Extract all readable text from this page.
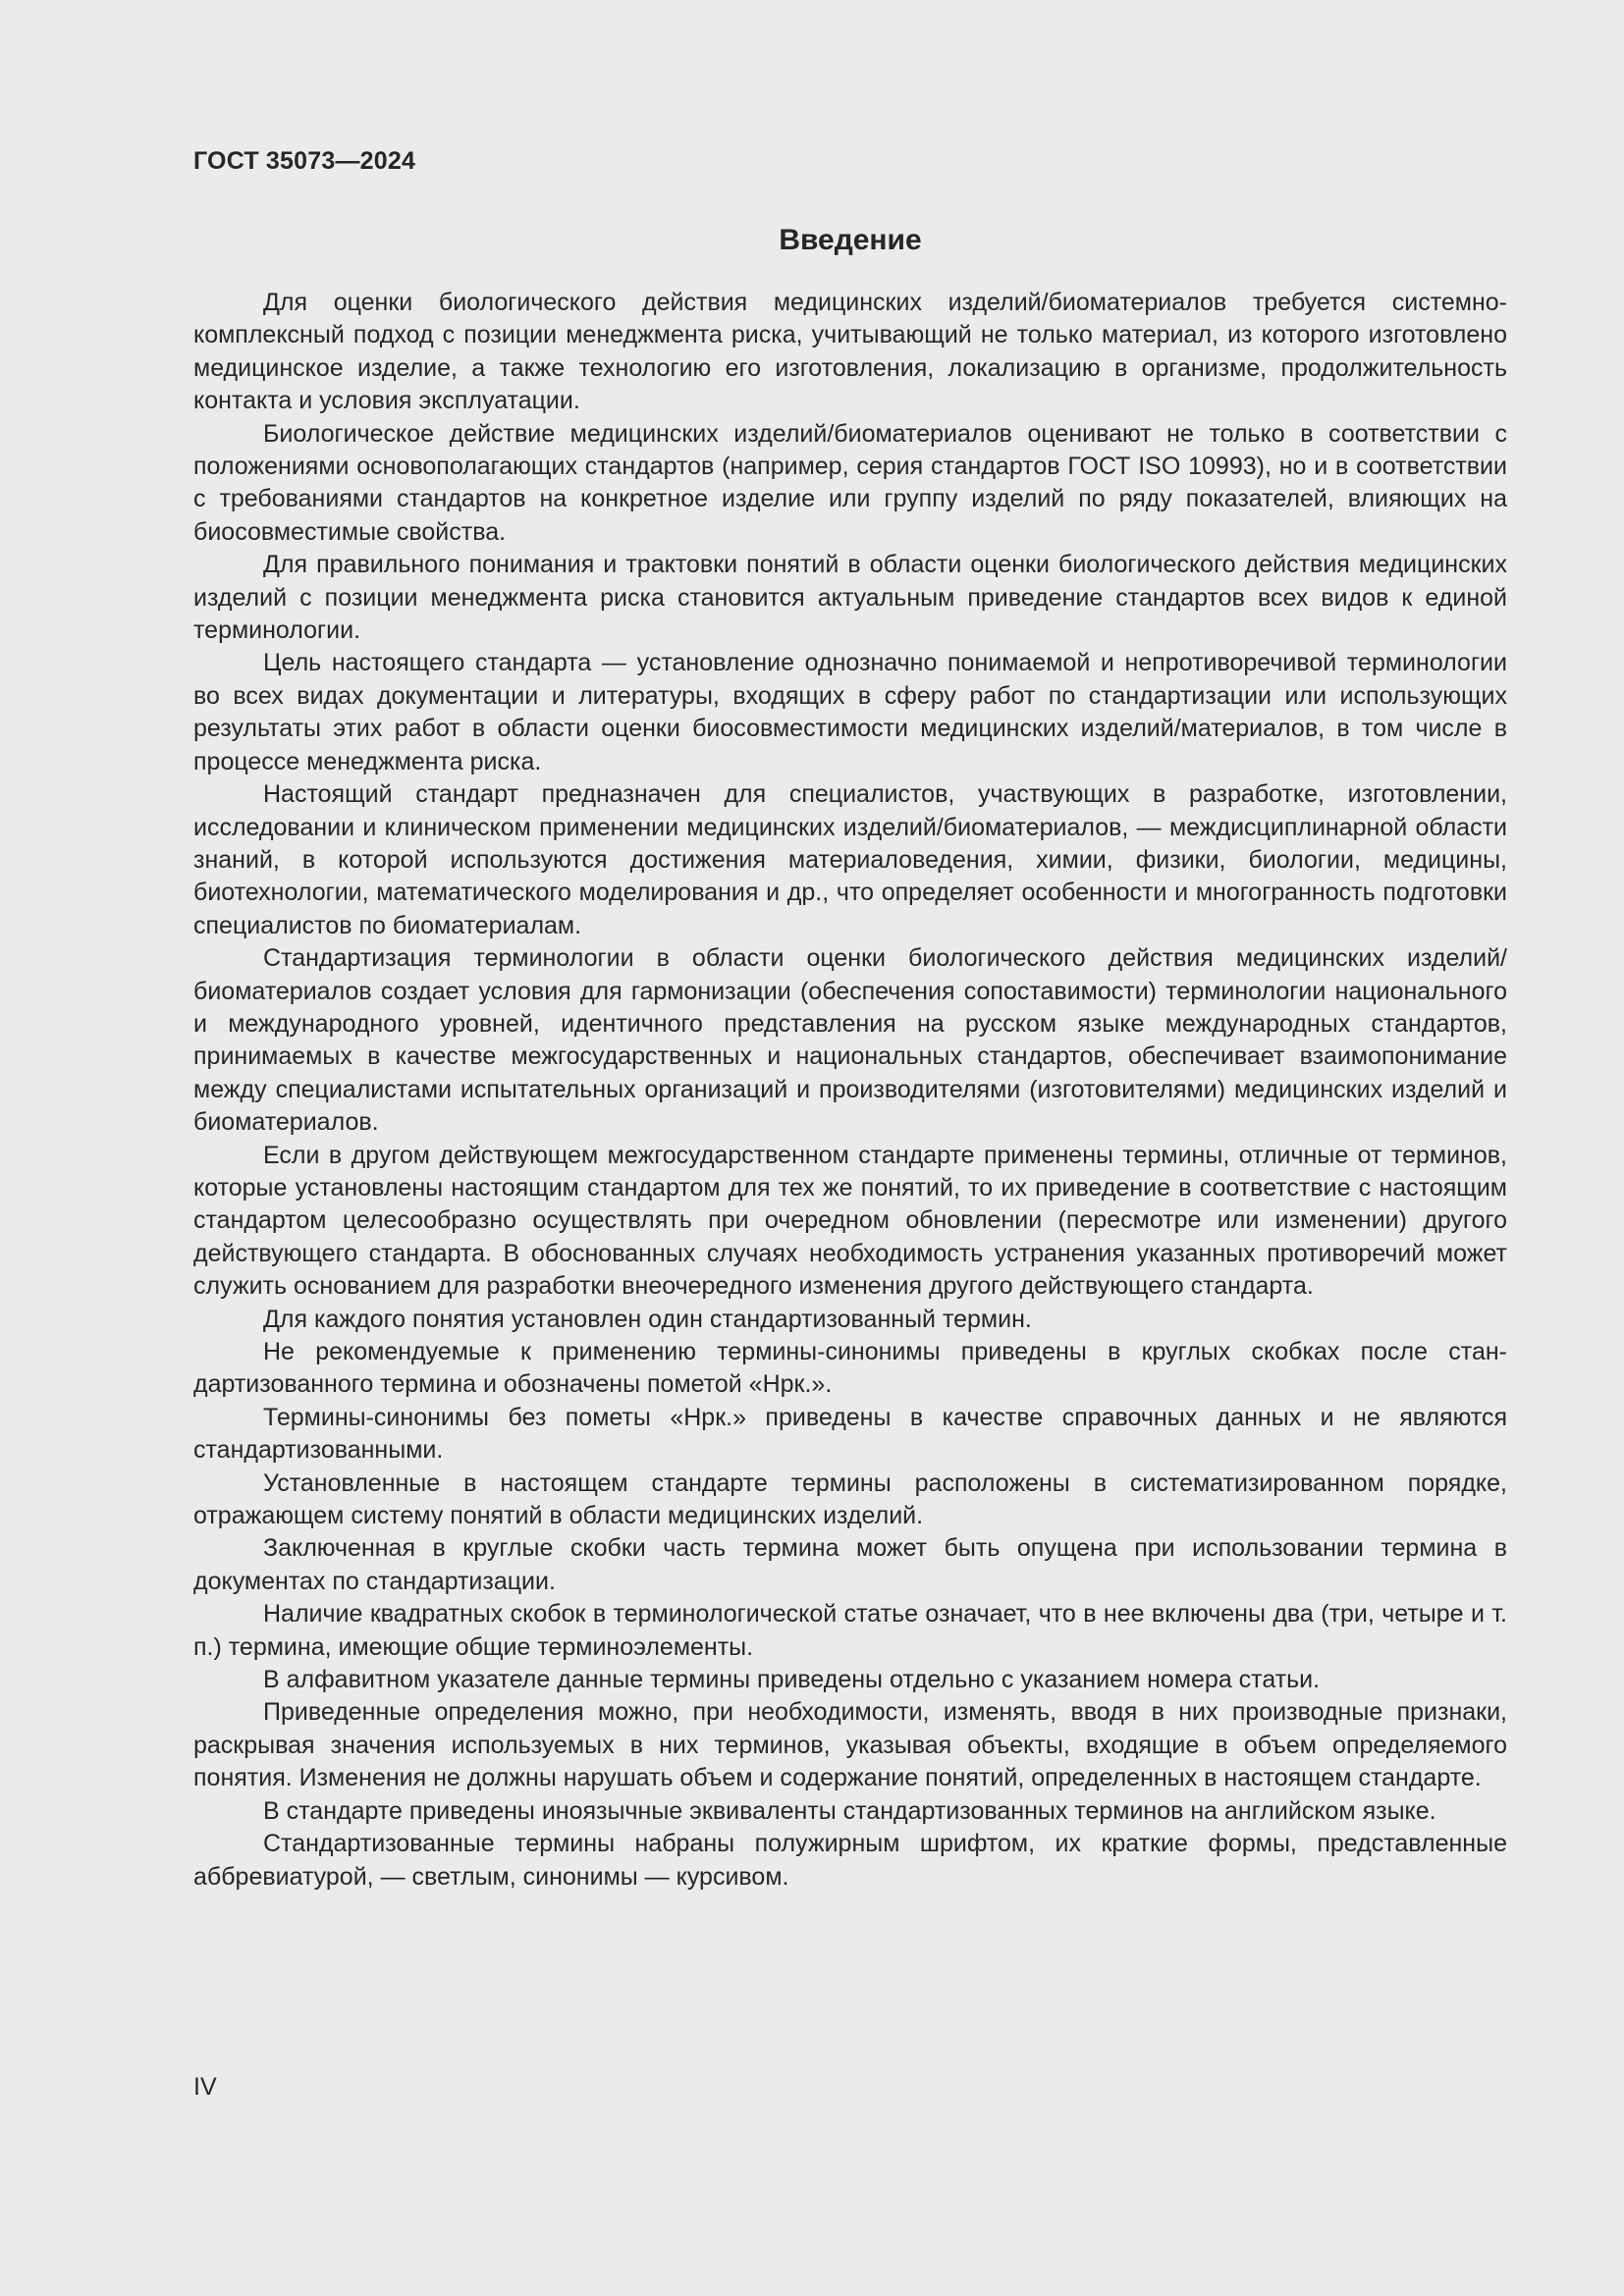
ГОСТ 35073—2024

Введение

Для оценки биологического действия медицинских изделий/биоматериалов требуется системно-комплексный подход с позиции менеджмента риска, учитывающий не только материал, из которого изготовлено медицинское изделие, а также технологию его изготовления, локализацию в организме, продолжительность контакта и условия эксплуатации.

Биологическое действие медицинских изделий/биоматериалов оценивают не только в соответствии с положениями основополагающих стандартов (например, серия стандартов ГОСТ ISO 10993), но и в соответствии с требованиями стандартов на конкретное изделие или группу изделий по ряду показателей, влияющих на биосовместимые свойства.

Для правильного понимания и трактовки понятий в области оценки биологического действия медицинских изделий с позиции менеджмента риска становится актуальным приведение стандартов всех видов к единой терминологии.

Цель настоящего стандарта — установление однозначно понимаемой и непротиворечивой терминологии во всех видах документации и литературы, входящих в сферу работ по стандартизации или использующих результаты этих работ в области оценки биосовместимости медицинских изделий/материалов, в том числе в процессе менеджмента риска.

Настоящий стандарт предназначен для специалистов, участвующих в разработке, изготовлении, исследовании и клиническом применении медицинских изделий/биоматериалов, — междисциплинарной области знаний, в которой используются достижения материаловедения, химии, физики, биологии, медицины, биотехнологии, математического моделирования и др., что определяет особенности и многогранность подготовки специалистов по биоматериалам.

Стандартизация терминологии в области оценки биологического действия медицинских изделий/биоматериалов создает условия для гармонизации (обеспечения сопоставимости) терминологии национального и международного уровней, идентичного представления на русском языке международных стандартов, принимаемых в качестве межгосударственных и национальных стандартов, обеспечивает взаимопонимание между специалистами испытательных организаций и производителями (изготовителями) медицинских изделий и биоматериалов.

Если в другом действующем межгосударственном стандарте применены термины, отличные от терминов, которые установлены настоящим стандартом для тех же понятий, то их приведение в соответствие с настоящим стандартом целесообразно осуществлять при очередном обновлении (пересмотре или изменении) другого действующего стандарта. В обоснованных случаях необходимость устранения указанных противоречий может служить основанием для разработки внеочередного изменения другого действующего стандарта.

Для каждого понятия установлен один стандартизованный термин.

Не рекомендуемые к применению термины-синонимы приведены в круглых скобках после стандартизованного термина и обозначены пометой «Нрк.».

Термины-синонимы без пометы «Нрк.» приведены в качестве справочных данных и не являются стандартизованными.

Установленные в настоящем стандарте термины расположены в систематизированном порядке, отражающем систему понятий в области медицинских изделий.

Заключенная в круглые скобки часть термина может быть опущена при использовании термина в документах по стандартизации.

Наличие квадратных скобок в терминологической статье означает, что в нее включены два (три, четыре и т. п.) термина, имеющие общие терминоэлементы.

В алфавитном указателе данные термины приведены отдельно с указанием номера статьи.

Приведенные определения можно, при необходимости, изменять, вводя в них производные признаки, раскрывая значения используемых в них терминов, указывая объекты, входящие в объем определяемого понятия. Изменения не должны нарушать объем и содержание понятий, определенных в настоящем стандарте.

В стандарте приведены иноязычные эквиваленты стандартизованных терминов на английском языке.

Стандартизованные термины набраны полужирным шрифтом, их краткие формы, представленные аббревиатурой, — светлым, синонимы — курсивом.

IV
